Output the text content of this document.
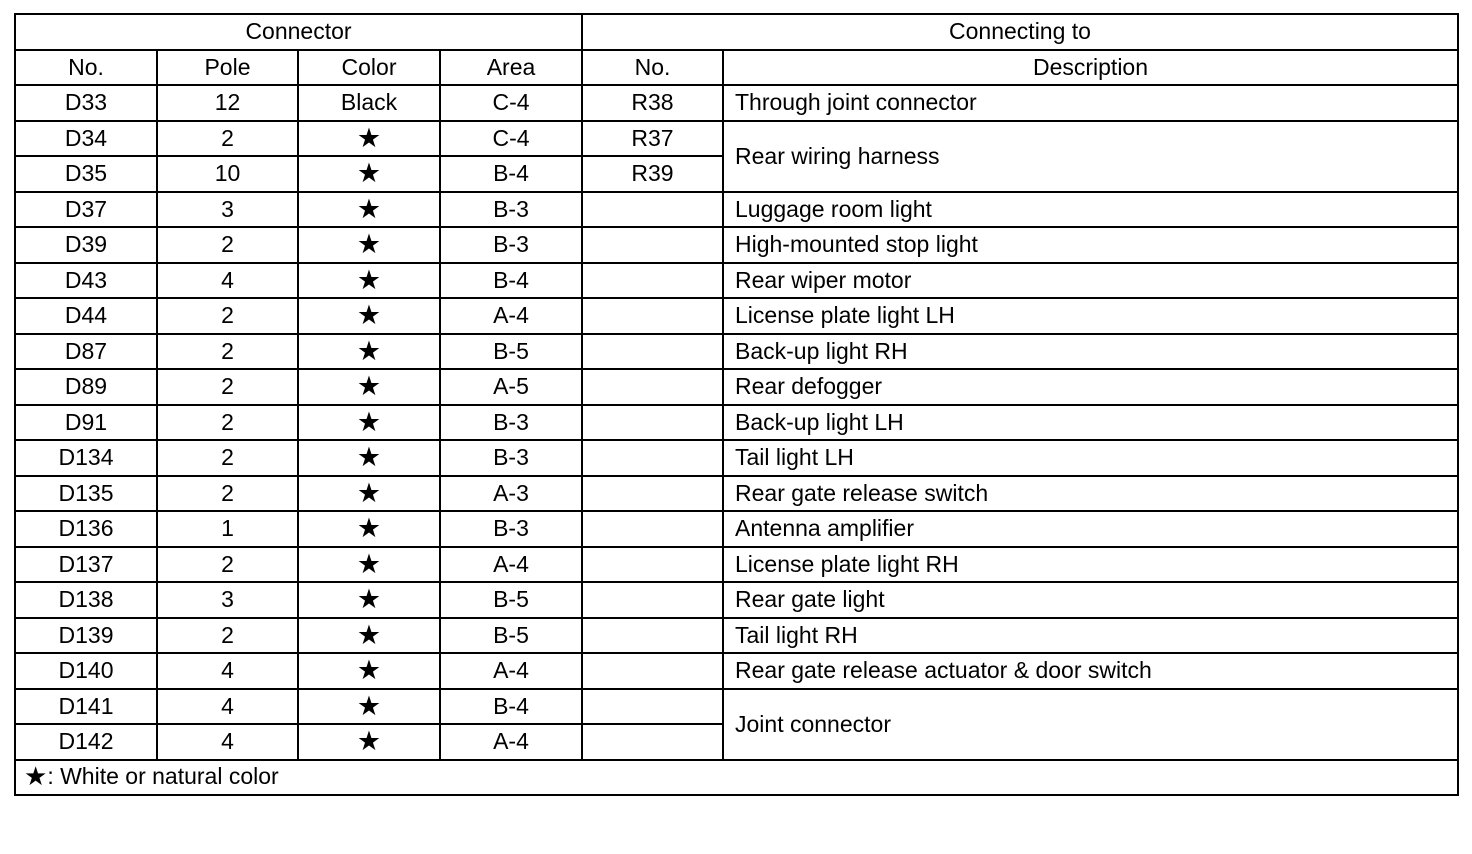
Connector				Connecting to	
No.	Pole	Color	Area	No.	Description
D33	12	Black	C-4	R38	Through joint connector
D34	2	★	C-4	R37	Rear wiring harness
D35	10	★	B-4	R39	
D37	3	★	B-3		Luggage room light
D39	2	★	B-3		High-mounted stop light
D43	4	★	B-4		Rear wiper motor
D44	2	★	A-4		License plate light LH
D87	2	★	B-5		Back-up light RH
D89	2	★	A-5		Rear defogger
D91	2	★	B-3		Back-up light LH
D134	2	★	B-3		Tail light LH
D135	2	★	A-3		Rear gate release switch
D136	1	★	B-3		Antenna amplifier
D137	2	★	A-4		License plate light RH
D138	3	★	B-5		Rear gate light
D139	2	★	B-5		Tail light RH
D140	4	★	A-4		Rear gate release actuator & door switch
D141	4	★	B-4		Joint connector
D142	4	★	A-4		
★: White or natural color					
